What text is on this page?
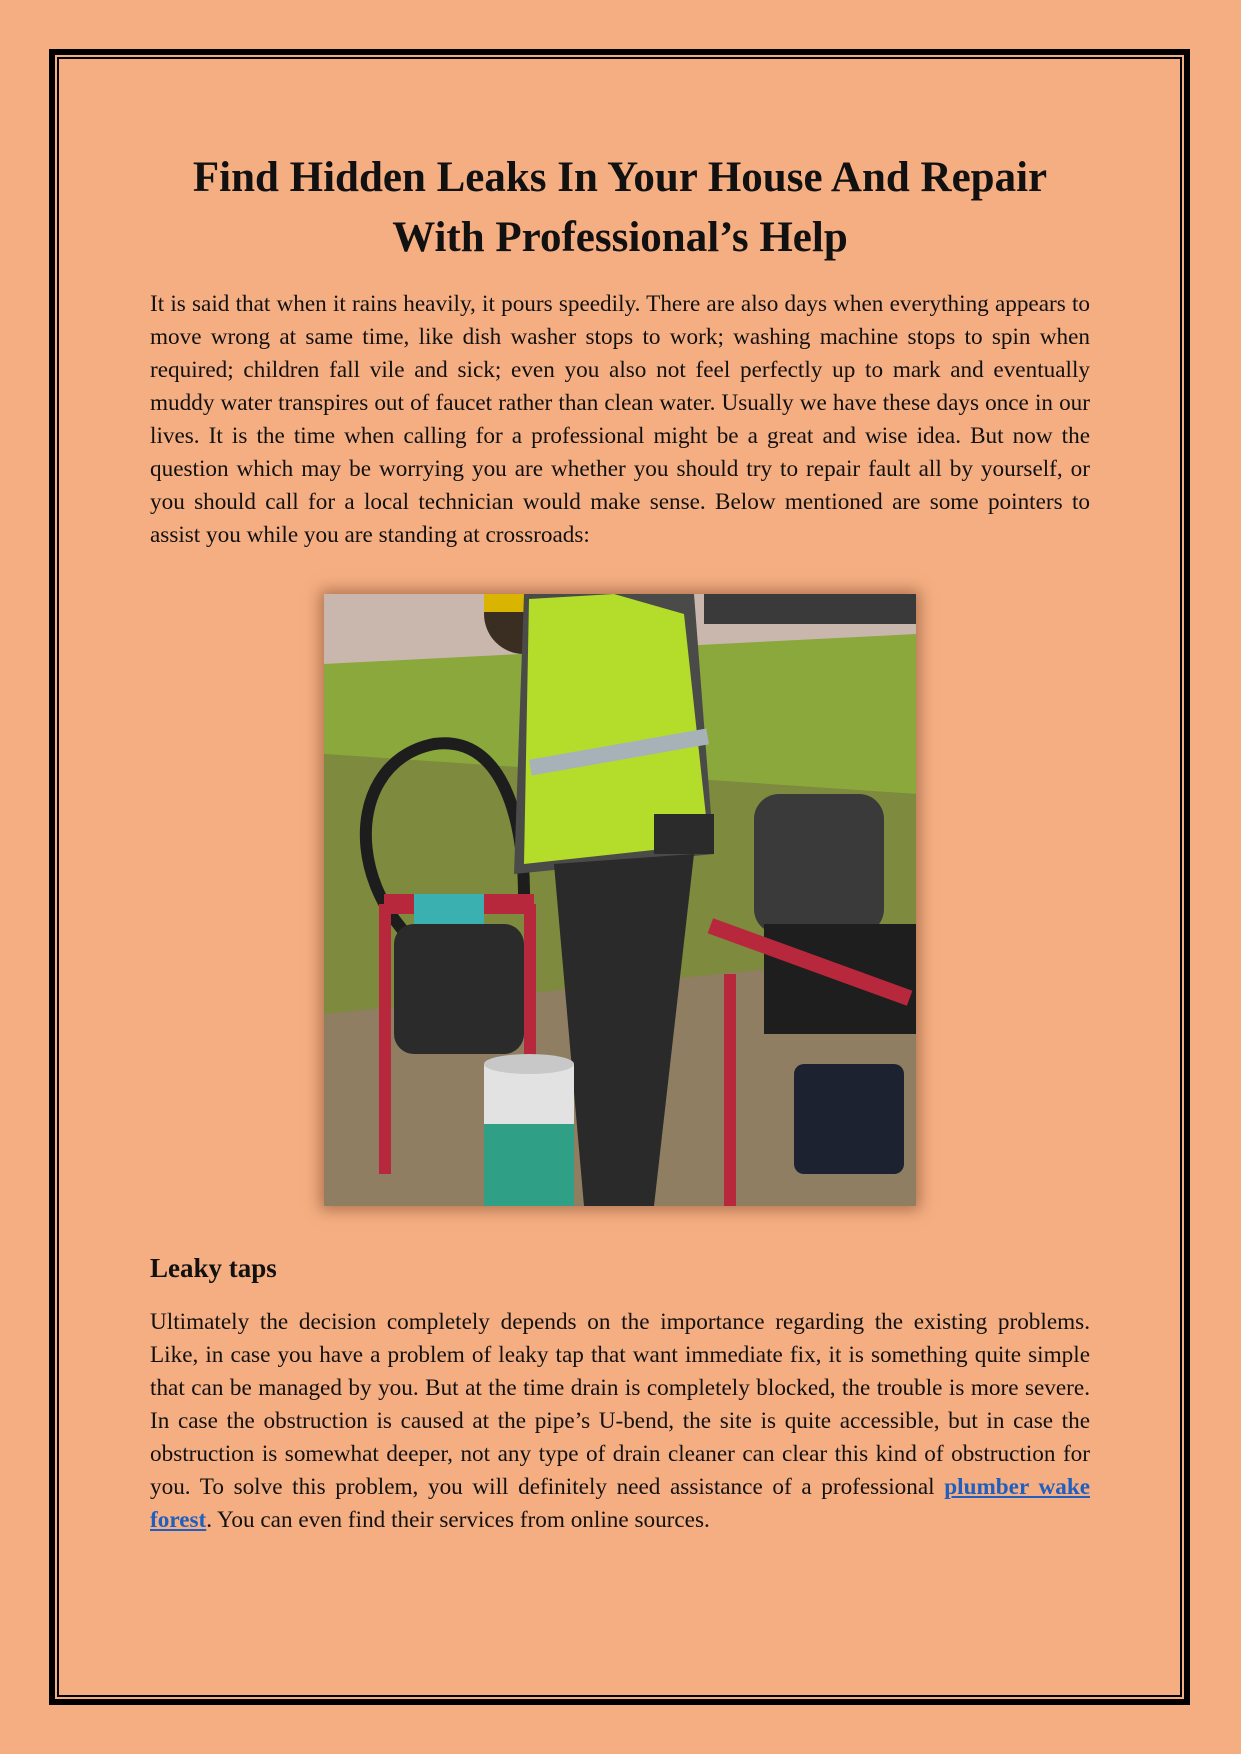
Find Hidden Leaks In Your House And Repair With Professional’s Help

It is said that when it rains heavily, it pours speedily. There are also days when everything appears to move wrong at same time, like dish washer stops to work; washing machine stops to spin when required; children fall vile and sick; even you also not feel perfectly up to mark and eventually muddy water transpires out of faucet rather than clean water. Usually we have these days once in our lives. It is the time when calling for a professional might be a great and wise idea. But now the question which may be worrying you are whether you should try to repair fault all by yourself, or you should call for a local technician would make sense. Below mentioned are some pointers to assist you while you are standing at crossroads:

Leaky taps

Ultimately the decision completely depends on the importance regarding the existing problems. Like, in case you have a problem of leaky tap that want immediate fix, it is something quite simple that can be managed by you. But at the time drain is completely blocked, the trouble is more severe. In case the obstruction is caused at the pipe’s U-bend, the site is quite accessible, but in case the obstruction is somewhat deeper, not any type of drain cleaner can clear this kind of obstruction for you. To solve this problem, you will definitely need assistance of a professional plumber wake forest. You can even find their services from online sources.
